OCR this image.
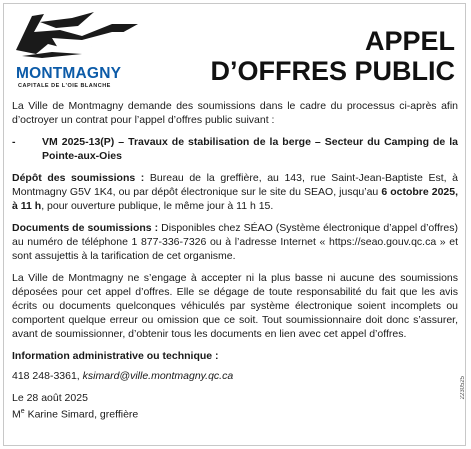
MONTMAGNY
CAPITALE DE L'OIE BLANCHE
APPEL
D’OFFRES PUBLIC

La Ville de Montmagny demande des soumissions dans le cadre du processus ci-après afin d’octroyer un contrat pour l’appel d’offres public suivant :

-	VM 2025-13(P) – Travaux de stabilisation de la berge – Secteur du Camping de la Pointe-aux-Oies

Dépôt des soumissions : Bureau de la greffière, au 143, rue Saint-Jean-Baptiste Est, à Montmagny G5V 1K4, ou par dépôt électronique sur le site du SEAO, jusqu’au 6 octobre 2025, à 11 h, pour ouverture publique, le même jour à 11 h 15.

Documents de soumissions : Disponibles chez SÉAO (Système électronique d’appel d’offres) au numéro de téléphone 1 877-336-7326 ou à l’adresse Internet « https://seao.gouv.qc.ca » et sont assujettis à la tarification de cet organisme.

La Ville de Montmagny ne s’engage à accepter ni la plus basse ni aucune des soumissions déposées pour cet appel d’offres. Elle se dégage de toute responsabilité du fait que les avis écrits ou documents quelconques véhiculés par système électronique soient incomplets ou comportent quelque erreur ou omission que ce soit. Tout soumissionnaire doit donc s’assurer, avant de soumissionner, d’obtenir tous les documents en lien avec cet appel d’offres.

Information administrative ou technique :

418 248-3361, ksimard@ville.montmagny.qc.ca

Le 28 août 2025
Me Karine Simard, greffière

2230525
